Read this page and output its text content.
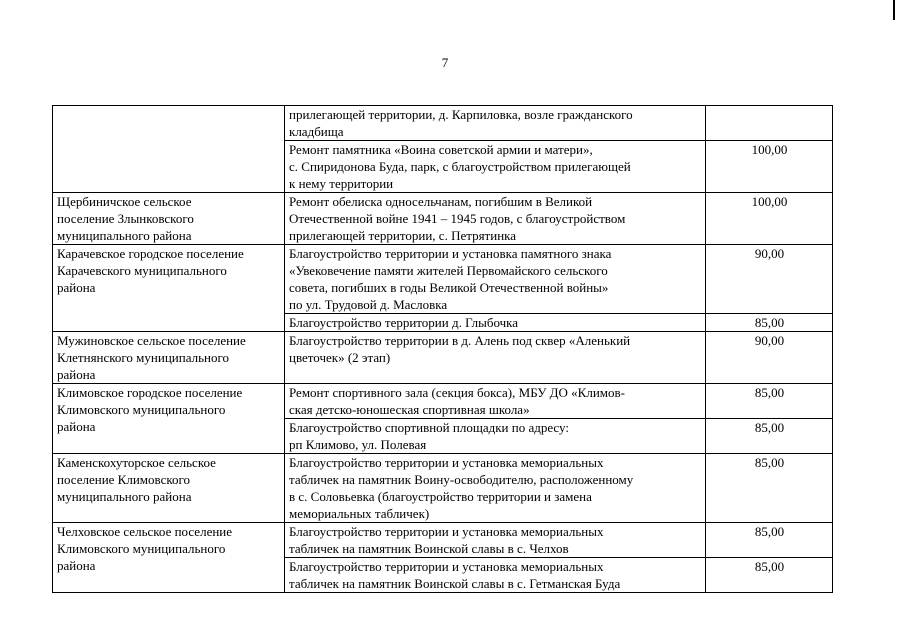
7

	прилегающей территории, д. Карпиловка, возле гражданского
кладбища	

	Ремонт памятника «Воина советской армии и матери»,
с. Спиридонова Буда, парк, с благоустройством прилегающей
к нему территории	100,00

Щербиничское сельское
поселение Злынковского
муниципального района	Ремонт обелиска односельчанам, погибшим в Великой
Отечественной войне 1941 – 1945 годов, с благоустройством
прилегающей территории, с. Петрятинка	100,00

Карачевское городское поселение
Карачевского муниципального
района	Благоустройство территории и установка памятного знака
«Увековечение памяти жителей Первомайского сельского
совета, погибших в годы Великой Отечественной войны»
по ул. Трудовой д. Масловка	90,00

	Благоустройство территории д. Глыбочка	85,00

Мужиновское сельское поселение
Клетнянского муниципального
района	Благоустройство территории в д. Алень под сквер «Аленький
цветочек» (2 этап)	90,00

Климовское городское поселение
Климовского муниципального
района	Ремонт спортивного зала (секция бокса), МБУ ДО «Климов-
ская детско-юношеская спортивная школа»	85,00

	Благоустройство спортивной площадки по адресу:
рп Климово, ул. Полевая	85,00

Каменскохуторское сельское
поселение Климовского
муниципального района	Благоустройство территории и установка мемориальных
табличек на памятник Воину-освободителю, расположенному
в с. Соловьевка (благоустройство территории и замена
мемориальных табличек)	85,00

Челховское сельское поселение
Климовского муниципального
района	Благоустройство территории и установка мемориальных
табличек на памятник Воинской славы в с. Челхов	85,00

	Благоустройство территории и установка мемориальных
табличек на памятник Воинской славы в с. Гетманская Буда	85,00
